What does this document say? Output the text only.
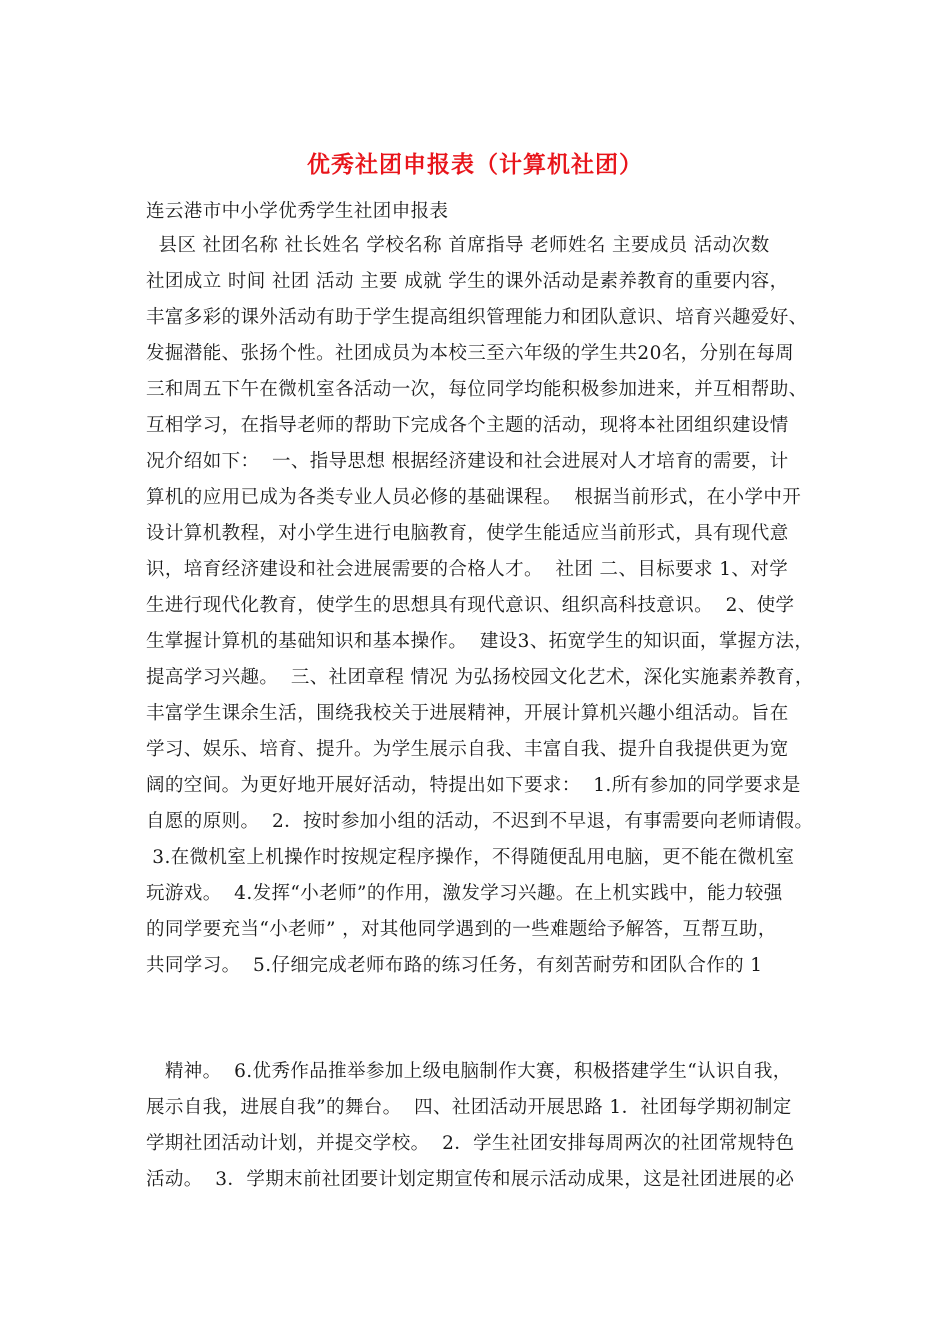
优秀社团申报表（计算机社团）
连云港市中小学优秀学生社团申报表
县区 社团名称 社长姓名 学校名称 首席指导 老师姓名 主要成员 活动次数
社团成立 时间 社团 活动 主要 成就 学生的课外活动是素养教育的重要内容，
丰富多彩的课外活动有助于学生提高组织管理能力和团队意识、培育兴趣爱好、
发掘潜能、张扬个性。社团成员为本校三至六年级的学生共20名，分别在每周
三和周五下午在微机室各活动一次，每位同学均能积极参加进来，并互相帮助、
互相学习，在指导老师的帮助下完成各个主题的活动，现将本社团组织建设情
况介绍如下：  一、指导思想 根据经济建设和社会进展对人才培育的需要，计
算机的应用已成为各类专业人员必修的基础课程。  根据当前形式，在小学中开
设计算机教程，对小学生进行电脑教育，使学生能适应当前形式，具有现代意
识，培育经济建设和社会进展需要的合格人才。  社团 二、目标要求 1、对学
生进行现代化教育，使学生的思想具有现代意识、组织高科技意识。  2、使学
生掌握计算机的基础知识和基本操作。  建设3、拓宽学生的知识面，掌握方法，
提高学习兴趣。  三、社团章程 情况 为弘扬校园文化艺术，深化实施素养教育，
丰富学生课余生活，围绕我校关于进展精神，开展计算机兴趣小组活动。旨在
学习、娱乐、培育、提升。为学生展示自我、丰富自我、提升自我提供更为宽
阔的空间。为更好地开展好活动，特提出如下要求：  1.所有参加的同学要求是
自愿的原则。  2．按时参加小组的活动，不迟到不早退，有事需要向老师请假。
3.在微机室上机操作时按规定程序操作，不得随便乱用电脑，更不能在微机室
玩游戏。  4.发挥“小老师”的作用，激发学习兴趣。在上机实践中，能力较强
的同学要充当“小老师” ，对其他同学遇到的一些难题给予解答，互帮互助，
共同学习。  5.仔细完成老师布路的练习任务，有刻苦耐劳和团队合作的 1
精神。  6.优秀作品推举参加上级电脑制作大赛，积极搭建学生“认识自我，
展示自我，进展自我”的舞台。  四、社团活动开展思路 1．社团每学期初制定
学期社团活动计划，并提交学校。  2．学生社团安排每周两次的社团常规特色
活动。  3．学期末前社团要计划定期宣传和展示活动成果，这是社团进展的必
